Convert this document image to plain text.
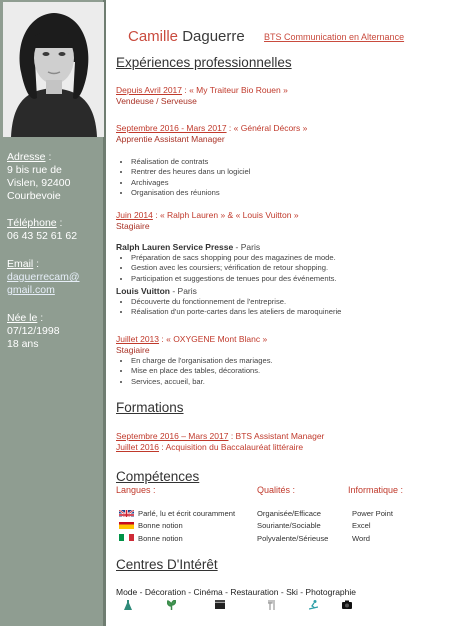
Adresse :
9 bis rue de
Vislen, 92400
Courbevoie
Téléphone :
06 43 52 61 62
Email :
daguerrecam@
gmail.com
Née le :
07/12/1998
18 ans
Camille Daguerre BTS Communication en Alternance
Expériences professionnelles
Depuis Avril 2017 : « My Traiteur Bio Rouen »
Vendeuse / Serveuse
Septembre 2016 - Mars 2017 : « Général Décors »
Apprentie Assistant Manager
• Réalisation de contrats
• Rentrer des heures dans un logiciel
• Archivages
• Organisation des réunions
Juin 2014 : « Ralph Lauren » & « Louis Vuitton »
Stagiaire
Ralph Lauren Service Presse - Paris
• Préparation de sacs shopping pour des magazines de mode.
• Gestion avec les coursiers; vérification de retour shopping.
• Participation et suggestions de tenues pour des événements.
Louis Vuitton - Paris
• Découverte du fonctionnement de l'entreprise.
• Réalisation d'un porte-cartes dans les ateliers de maroquinerie
Juillet 2013 : « OXYGENE Mont Blanc »
Stagiaire
• En charge de l'organisation des mariages.
• Mise en place des tables, décorations.
• Services, accueil, bar.
Formations
Septembre 2016 – Mars 2017 : BTS Assistant Manager
Juillet 2016 : Acquisition du Baccalauréat littéraire
Compétences
Langues :	Qualités :	Informatique :
Parlé, lu et écrit couramment
Bonne notion
Bonne notion
Organisée/Efficace
Souriante/Sociable
Polyvalente/Sérieuse
Power Point
Excel
Word
Centres D'Intérêt
Mode - Décoration - Cinéma - Restauration - Ski - Photographie
